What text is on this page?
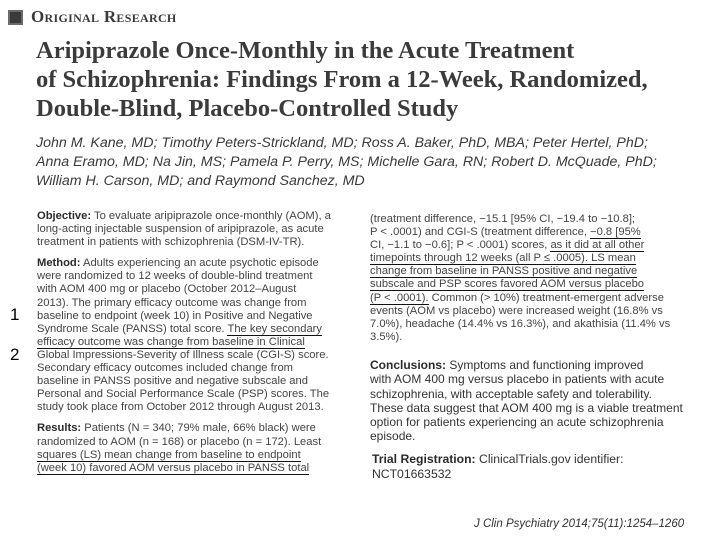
Original Research
Aripiprazole Once-Monthly in the Acute Treatment
of Schizophrenia: Findings From a 12-Week, Randomized,
Double-Blind, Placebo-Controlled Study
John M. Kane, MD; Timothy Peters-Strickland, MD; Ross A. Baker, PhD, MBA; Peter Hertel, PhD;
Anna Eramo, MD; Na Jin, MS; Pamela P. Perry, MS; Michelle Gara, RN; Robert D. McQuade, PhD;
William H. Carson, MD; and Raymond Sanchez, MD

Objective: To evaluate aripiprazole once-monthly (AOM), a
long-acting injectable suspension of aripiprazole, as acute
treatment in patients with schizophrenia (DSM-IV-TR).

Method: Adults experiencing an acute psychotic episode
were randomized to 12 weeks of double-blind treatment
with AOM 400 mg or placebo (October 2012–August
2013). The primary efficacy outcome was change from
baseline to endpoint (week 10) in Positive and Negative
Syndrome Scale (PANSS) total score. The key secondary
efficacy outcome was change from baseline in Clinical
Global Impressions-Severity of Illness scale (CGI-S) score.
Secondary efficacy outcomes included change from
baseline in PANSS positive and negative subscale and
Personal and Social Performance Scale (PSP) scores. The
study took place from October 2012 through August 2013.

Results: Patients (N = 340; 79% male, 66% black) were
randomized to AOM (n = 168) or placebo (n = 172). Least
squares (LS) mean change from baseline to endpoint
(week 10) favored AOM versus placebo in PANSS total

(treatment difference, −15.1 [95% CI, −19.4 to −10.8];
P < .0001) and CGI-S (treatment difference, −0.8 [95%
CI, −1.1 to −0.6]; P < .0001) scores, as it did at all other
timepoints through 12 weeks (all P ≤ .0005). LS mean
change from baseline in PANSS positive and negative
subscale and PSP scores favored AOM versus placebo
(P < .0001). Common (> 10%) treatment-emergent adverse
events (AOM vs placebo) were increased weight (16.8% vs
7.0%), headache (14.4% vs 16.3%), and akathisia (11.4% vs
3.5%).

Conclusions: Symptoms and functioning improved
with AOM 400 mg versus placebo in patients with acute
schizophrenia, with acceptable safety and tolerability.
These data suggest that AOM 400 mg is a viable treatment
option for patients experiencing an acute schizophrenia
episode.

Trial Registration: ClinicalTrials.gov identifier:
NCT01663532

1
2
J Clin Psychiatry 2014;75(11):1254–1260
